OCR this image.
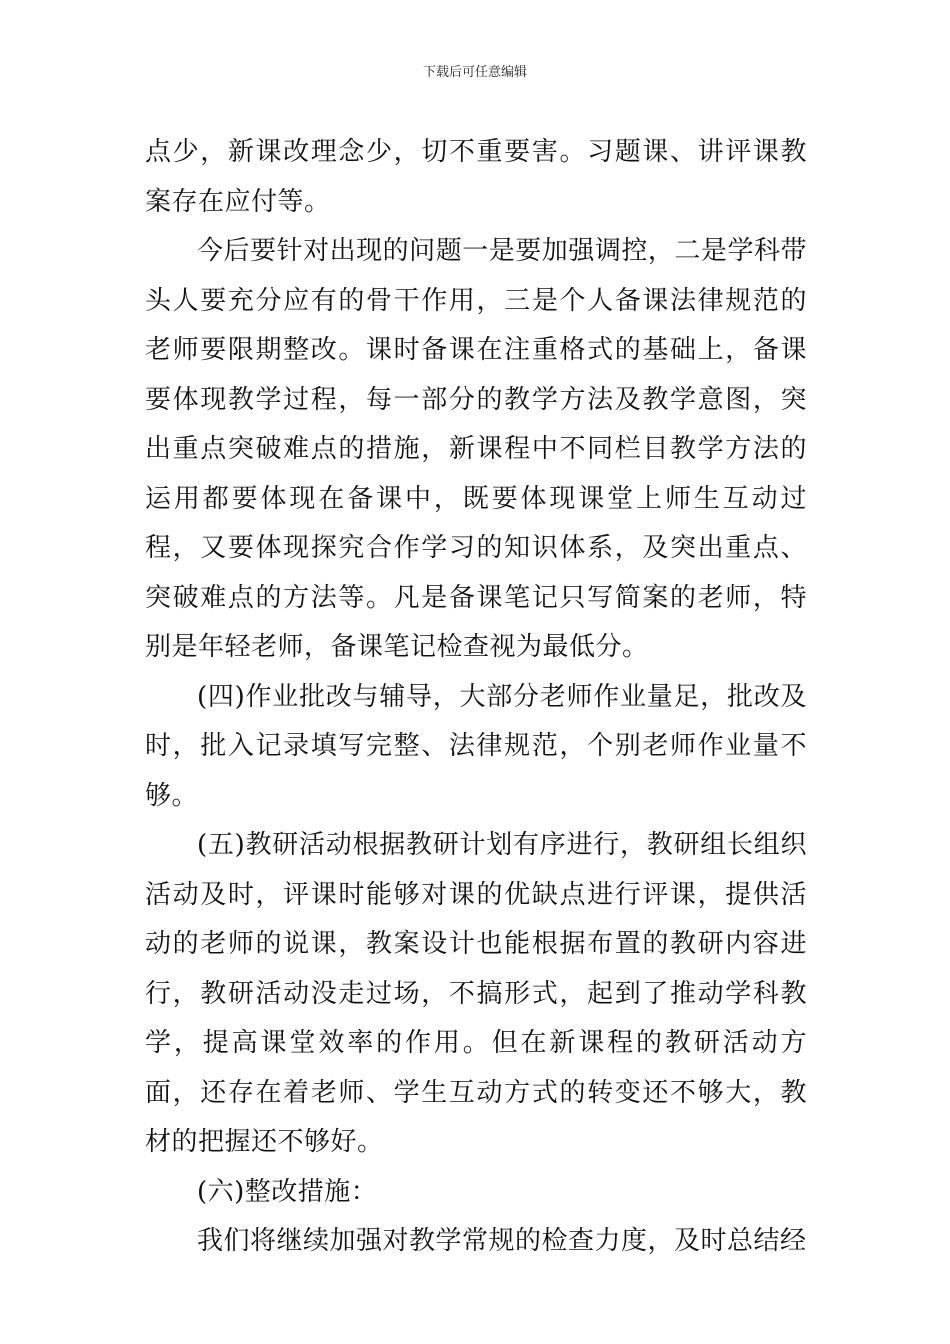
下载后可任意编辑

点少，新课改理念少，切不重要害。习题课、讲评课教案存在应付等。

今后要针对出现的问题一是要加强调控，二是学科带头人要充分应有的骨干作用，三是个人备课法律规范的老师要限期整改。课时备课在注重格式的基础上，备课要体现教学过程，每一部分的教学方法及教学意图，突出重点突破难点的措施，新课程中不同栏目教学方法的运用都要体现在备课中，既要体现课堂上师生互动过程，又要体现探究合作学习的知识体系，及突出重点、突破难点的方法等。凡是备课笔记只写简案的老师，特别是年轻老师，备课笔记检查视为最低分。

(四)作业批改与辅导，大部分老师作业量足，批改及时，批入记录填写完整、法律规范，个别老师作业量不够。

(五)教研活动根据教研计划有序进行，教研组长组织活动及时，评课时能够对课的优缺点进行评课，提供活动的老师的说课，教案设计也能根据布置的教研内容进行，教研活动没走过场，不搞形式，起到了推动学科教学，提高课堂效率的作用。但在新课程的教研活动方面，还存在着老师、学生互动方式的转变还不够大，教材的把握还不够好。

(六)整改措施：

我们将继续加强对教学常规的检查力度，及时总结经
